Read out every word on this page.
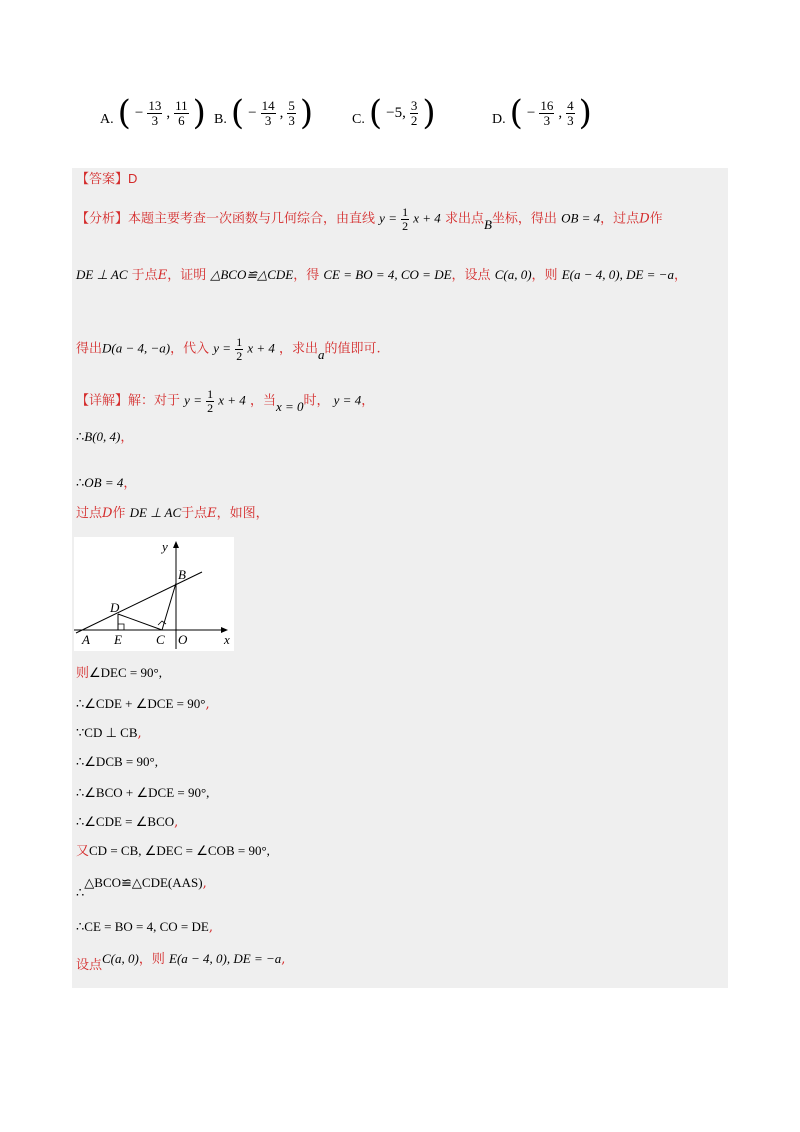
A. ( − $\frac{13}{3}$ , $\frac{11}{6}$ ) B. ( − $\frac{14}{3}$ , $\frac{5}{3}$ )	C. ( −5, $\frac{3}{2}$ )	D. ( − $\frac{16}{3}$ , $\frac{4}{3}$ )
【答案】D
【分析】本题主要考查一次函数与几何综合，由直线 $y = \frac{1}{2}$ x + 4 求出点B坐标，得出 OB = 4，过点D作
DE ⊥ AC 于点E，证明 △BCO≌△CDE，得 CE = BO = 4, CO = DE，设点 C(a, 0)，则 E(a − 4, 0), DE = −a，
得出D(a − 4, −a)，代入 $y = \frac{1}{2}$ x + 4 ，求出a的值即可.
【详解】解：对于 $y = \frac{1}{2}$ x + 4 ，当x = 0时， y = 4，
∴B(0, 4)，
∴OB = 4，
过点D作 DE ⊥ AC于点E，如图，
y
x
B
D
A E	C O
则∠DEC = 90°,
∴∠CDE + ∠DCE = 90°,
∵CD ⊥ CB,
∴∠DCB = 90°,
∴∠BCO + ∠DCE = 90°,
∴∠CDE = ∠BCO,
又CD = CB, ∠DEC = ∠COB = 90°,
∴△BCO≌△CDE(AAS),
∴CE = BO = 4, CO = DE,
设点C(a, 0)，则 E(a − 4, 0), DE = −a,
